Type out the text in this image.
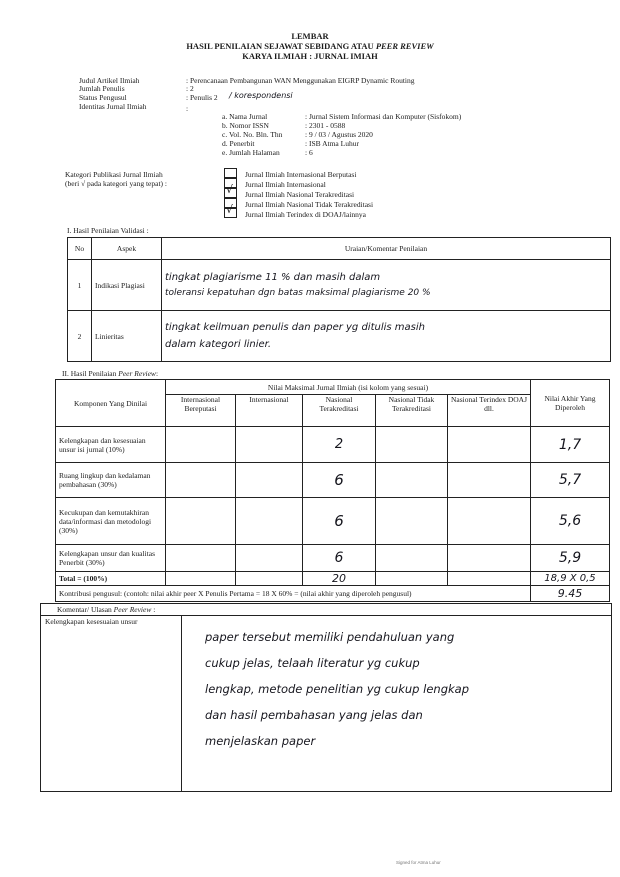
LEMBAR
HASIL PENILAIAN SEJAWAT SEBIDANG ATAU PEER REVIEW
KARYA ILMIAH : JURNAL IMIAH
Judul Artikel Ilmiah	: Perencanaan Pembangunan WAN Menggunakan EIGRP Dynamic Routing
Jumlah Penulis	: 2
Status Pengusul	: Penulis 2 / korespondensi
Identitas Jurnal Ilmiah	:
a. Nama Jurnal	: Jurnal Sistem Informasi dan Komputer (Sisfokom)
b. Nomor ISSN	: 2301 - 0588
c. Vol. No. Bln. Thn	: 9 / 03 / Agustus 2020
d. Penerbit	: ISB Atma Luhur
e. Jumlah Halaman	: 6
Kategori Publikasi Jurnal Ilmiah
(beri √ pada kategori yang tepat) :
Jurnal Ilmiah Internasional Berputasi
Jurnal Ilmiah Internasional
√ Jurnal Ilmiah Nasional Terakreditasi
Jurnal Ilmiah Nasional Tidak Terakreditasi
√ Jurnal Ilmiah Terindex di DOAJ/lainnya
I. Hasil Penilaian Validasi :
No	Aspek	Uraian/Komentar Penilaian
1	Indikasi Plagiasi	tingkat plagiarisme 11 % dan masih dalam
toleransi kepatuhan dgn batas maksimal plagiarisme 20 %

2	Linieritas	tingkat keilmuan penulis dan paper yg ditulis masih
dalam kategori linier.
II. Hasil Penilaian Peer Review:
Komponen Yang Dinilai	Nilai Maksimal Jurnal Ilmiah (isi kolom yang sesuai)					Nilai Akhir Yang Diperoleh
	Internasional Bereputasi	Internasional	Nasional Terakreditasi	Nasional Tidak Terakreditasi	Nasional Terindex DOAJ dll.	
Kelengkapan dan kesesuaian unsur isi jurnal (10%)			2			1,7
Ruang lingkup dan kedalaman pembahasan (30%)			6			5,7
Kecukupan dan kemutakhiran data/informasi dan metodologi (30%)			6			5,6
Kelengkapan unsur dan kualitas Penerbit (30%)			6			5,9
Total = (100%)			20			18,9 X 0,5
Kontribusi pengusul: (contoh: nilai akhir peer X Penulis Pertama = 18 X 60% = (nilai akhir yang diperoleh pengusul)						9.45
Komentar/ Ulasan Peer Review :
Kelengkapan kesesuaian unsur
paper tersebut memiliki pendahuluan yang
cukup jelas, telaah literatur yg cukup
lengkap, metode penelitian yg cukup lengkap
dan hasil pembahasan yang jelas dan
menjelaskan paper
Signed for Atma Luhur
